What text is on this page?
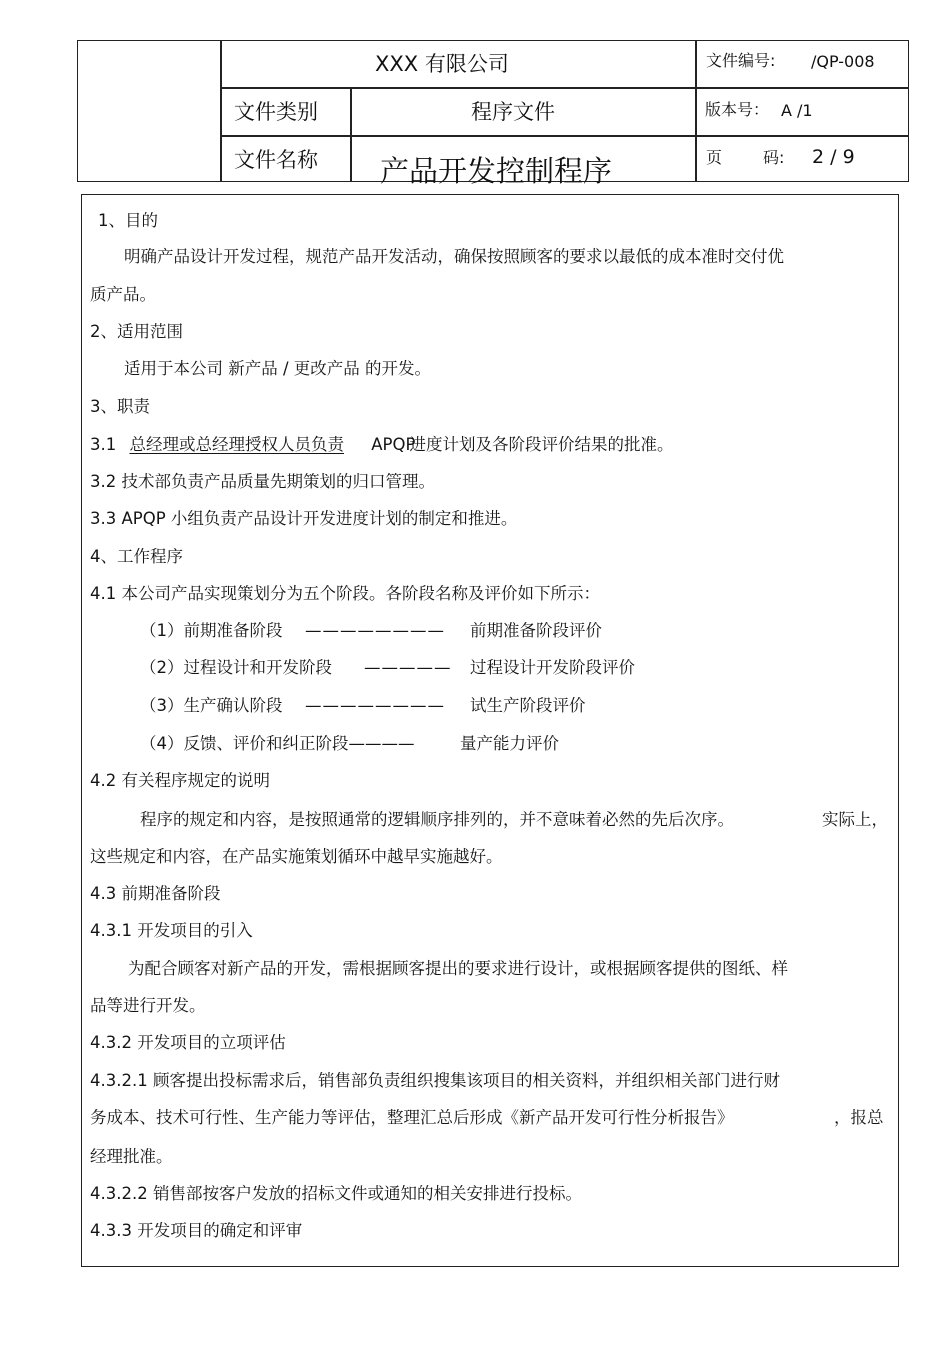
XXX 有限公司	文件编号: /QP-008
文件类别	程序文件	版本号： A /1
文件名称 产品开发控制程序	页	码: 2 / 9
1、目的
明确产品设计开发过程，规范产品开发活动，确保按照顾客的要求以最低的成本准时交付优
质产品。
2、适用范围
适用于本公司 新产品 / 更改产品 的开发。
3、职责
3.1 总经理或总经理授权人员负责 APQP进度计划及各阶段评价结果的批准。
3.2 技术部负责产品质量先期策划的归口管理。
3.3 APQP 小组负责产品设计开发进度计划的制定和推进。
4、工作程序
4.1 本公司产品实现策划分为五个阶段。各阶段名称及评价如下所示：
（1）前期准备阶段 ———————— 前期准备阶段评价
（2）过程设计和开发阶段 ————— 过程设计开发阶段评价
（3）生产确认阶段 ———————— 试生产阶段评价
（4）反馈、评价和纠正阶段————	量产能力评价
4.2 有关程序规定的说明
程序的规定和内容，是按照通常的逻辑顺序排列的，并不意味着必然的先后次序。	实际上，
这些规定和内容，在产品实施策划循环中越早实施越好。
4.3 前期准备阶段
4.3.1 开发项目的引入
为配合顾客对新产品的开发，需根据顾客提出的要求进行设计，或根据顾客提供的图纸、样
品等进行开发。
4.3.2 开发项目的立项评估
4.3.2.1 顾客提出投标需求后，销售部负责组织搜集该项目的相关资料，并组织相关部门进行财
务成本、技术可行性、生产能力等评估，整理汇总后形成《新产品开发可行性分析报告》	，报总
经理批准。
4.3.2.2 销售部按客户发放的招标文件或通知的相关安排进行投标。
4.3.3 开发项目的确定和评审
